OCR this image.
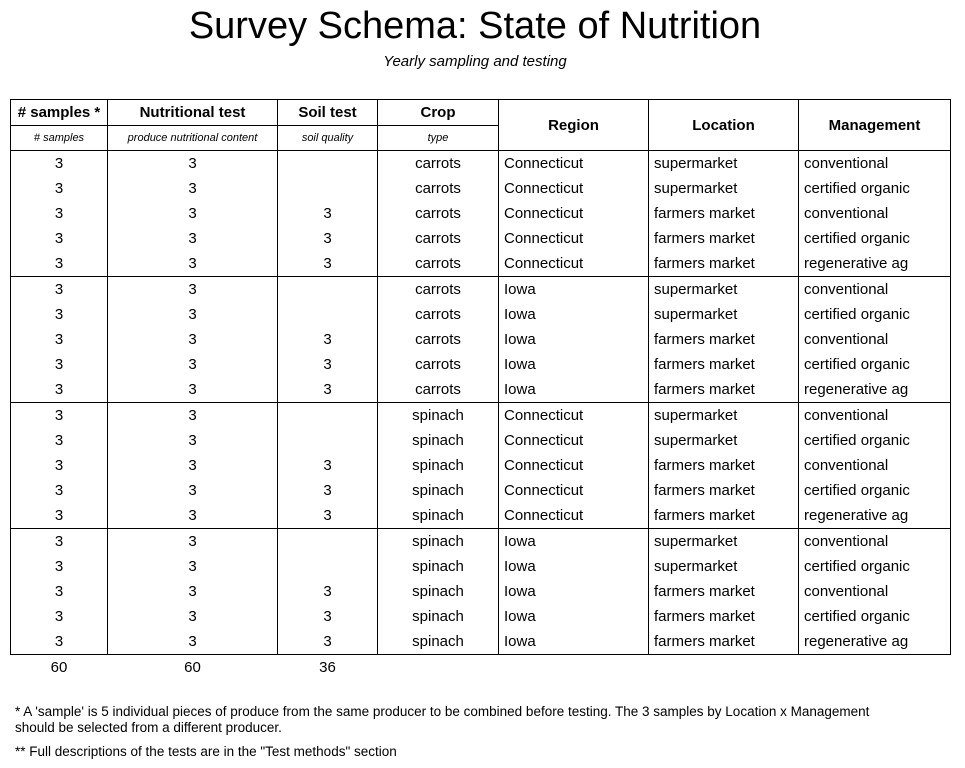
Survey Schema: State of Nutrition
Yearly sampling and testing
# samples *	Nutritional test	Soil test	Crop	Region	Location	Management
# samples	produce nutritional content	soil quality	type			
3	3		carrots	Connecticut	supermarket	conventional
3	3		carrots	Connecticut	supermarket	certified organic
3	3	3	carrots	Connecticut	farmers market	conventional
3	3	3	carrots	Connecticut	farmers market	certified organic
3	3	3	carrots	Connecticut	farmers market	regenerative ag
3	3		carrots	Iowa	supermarket	conventional
3	3		carrots	Iowa	supermarket	certified organic
3	3	3	carrots	Iowa	farmers market	conventional
3	3	3	carrots	Iowa	farmers market	certified organic
3	3	3	carrots	Iowa	farmers market	regenerative ag
3	3		spinach	Connecticut	supermarket	conventional
3	3		spinach	Connecticut	supermarket	certified organic
3	3	3	spinach	Connecticut	farmers market	conventional
3	3	3	spinach	Connecticut	farmers market	certified organic
3	3	3	spinach	Connecticut	farmers market	regenerative ag
3	3		spinach	Iowa	supermarket	conventional
3	3		spinach	Iowa	supermarket	certified organic
3	3	3	spinach	Iowa	farmers market	conventional
3	3	3	spinach	Iowa	farmers market	certified organic
3	3	3	spinach	Iowa	farmers market	regenerative ag
60	60	36				

* A 'sample' is 5 individual pieces of produce from the same producer to be combined before testing. The 3 samples by Location x Management should be selected from a different producer.

** Full descriptions of the tests are in the "Test methods" section
